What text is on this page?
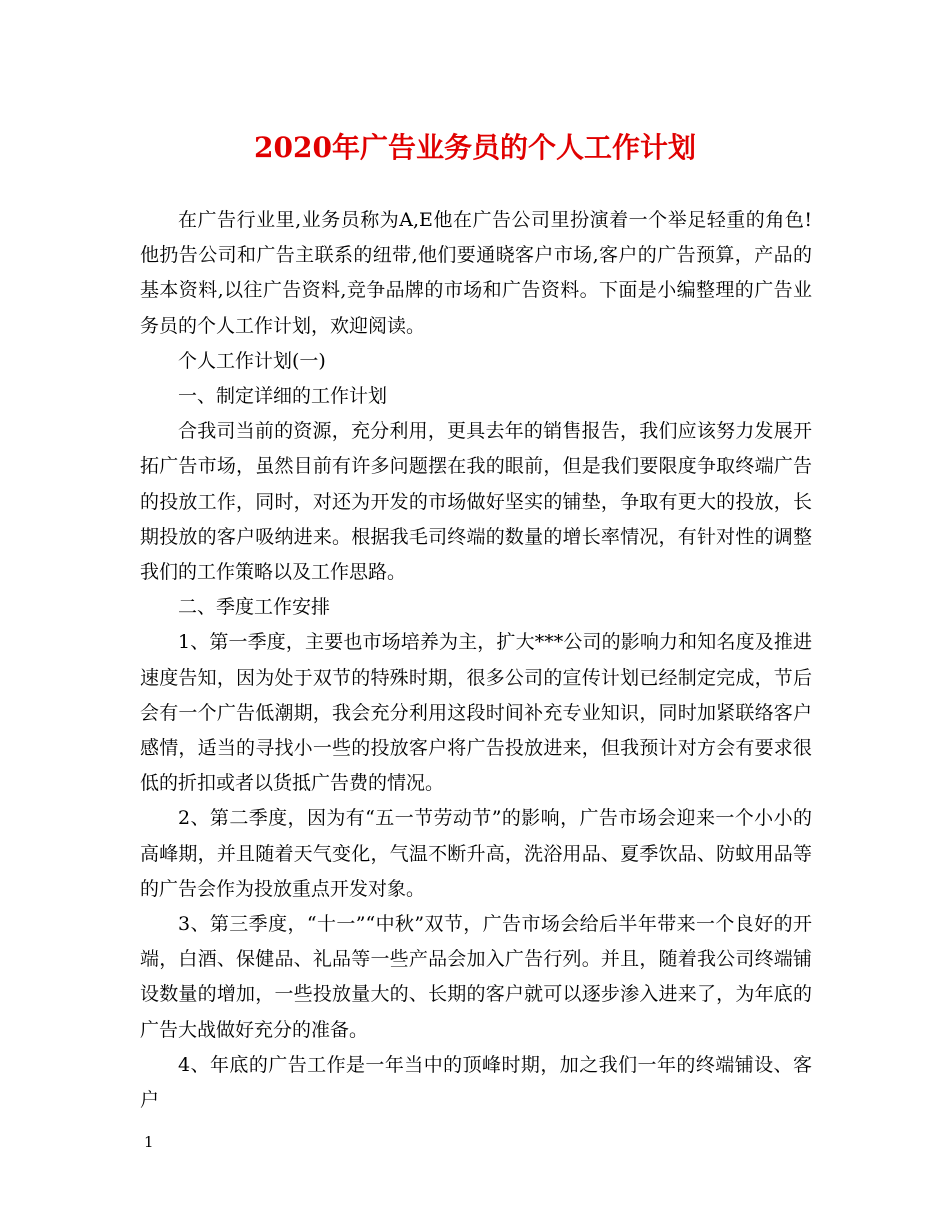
2020年广告业务员的个人工作计划

在广告行业里,业务员称为A,E他在广告公司里扮演着一个举足轻重的角色!他扔告公司和广告主联系的纽带,他们要通晓客户市场,客户的广告预算，产品的基本资料,以往广告资料,竞争品牌的市场和广告资料。下面是小编整理的广告业务员的个人工作计划，欢迎阅读。

个人工作计划(一)

一、制定详细的工作计划

合我司当前的资源，充分利用，更具去年的销售报告，我们应该努力发展开拓广告市场，虽然目前有许多问题摆在我的眼前，但是我们要限度争取终端广告的投放工作，同时，对还为开发的市场做好坚实的铺垫，争取有更大的投放，长期投放的客户吸纳进来。根据我毛司终端的数量的增长率情况，有针对性的调整我们的工作策略以及工作思路。

二、季度工作安排

1、第一季度，主要也市场培养为主，扩大***公司的影响力和知名度及推进速度告知，因为处于双节的特殊时期，很多公司的宣传计划已经制定完成，节后会有一个广告低潮期，我会充分利用这段时间补充专业知识，同时加紧联络客户感情，适当的寻找小一些的投放客户将广告投放进来，但我预计对方会有要求很低的折扣或者以货抵广告费的情况。

2、第二季度，因为有“五一节劳动节”的影响，广告市场会迎来一个小小的高峰期，并且随着天气变化，气温不断升高，洗浴用品、夏季饮品、防蚊用品等的广告会作为投放重点开发对象。

3、第三季度，“十一”“中秋”双节，广告市场会给后半年带来一个良好的开端，白酒、保健品、礼品等一些产品会加入广告行列。并且，随着我公司终端铺设数量的增加，一些投放量大的、长期的客户就可以逐步渗入进来了，为年底的广告大战做好充分的准备。

4、年底的广告工作是一年当中的顶峰时期，加之我们一年的终端铺设、客户

1
